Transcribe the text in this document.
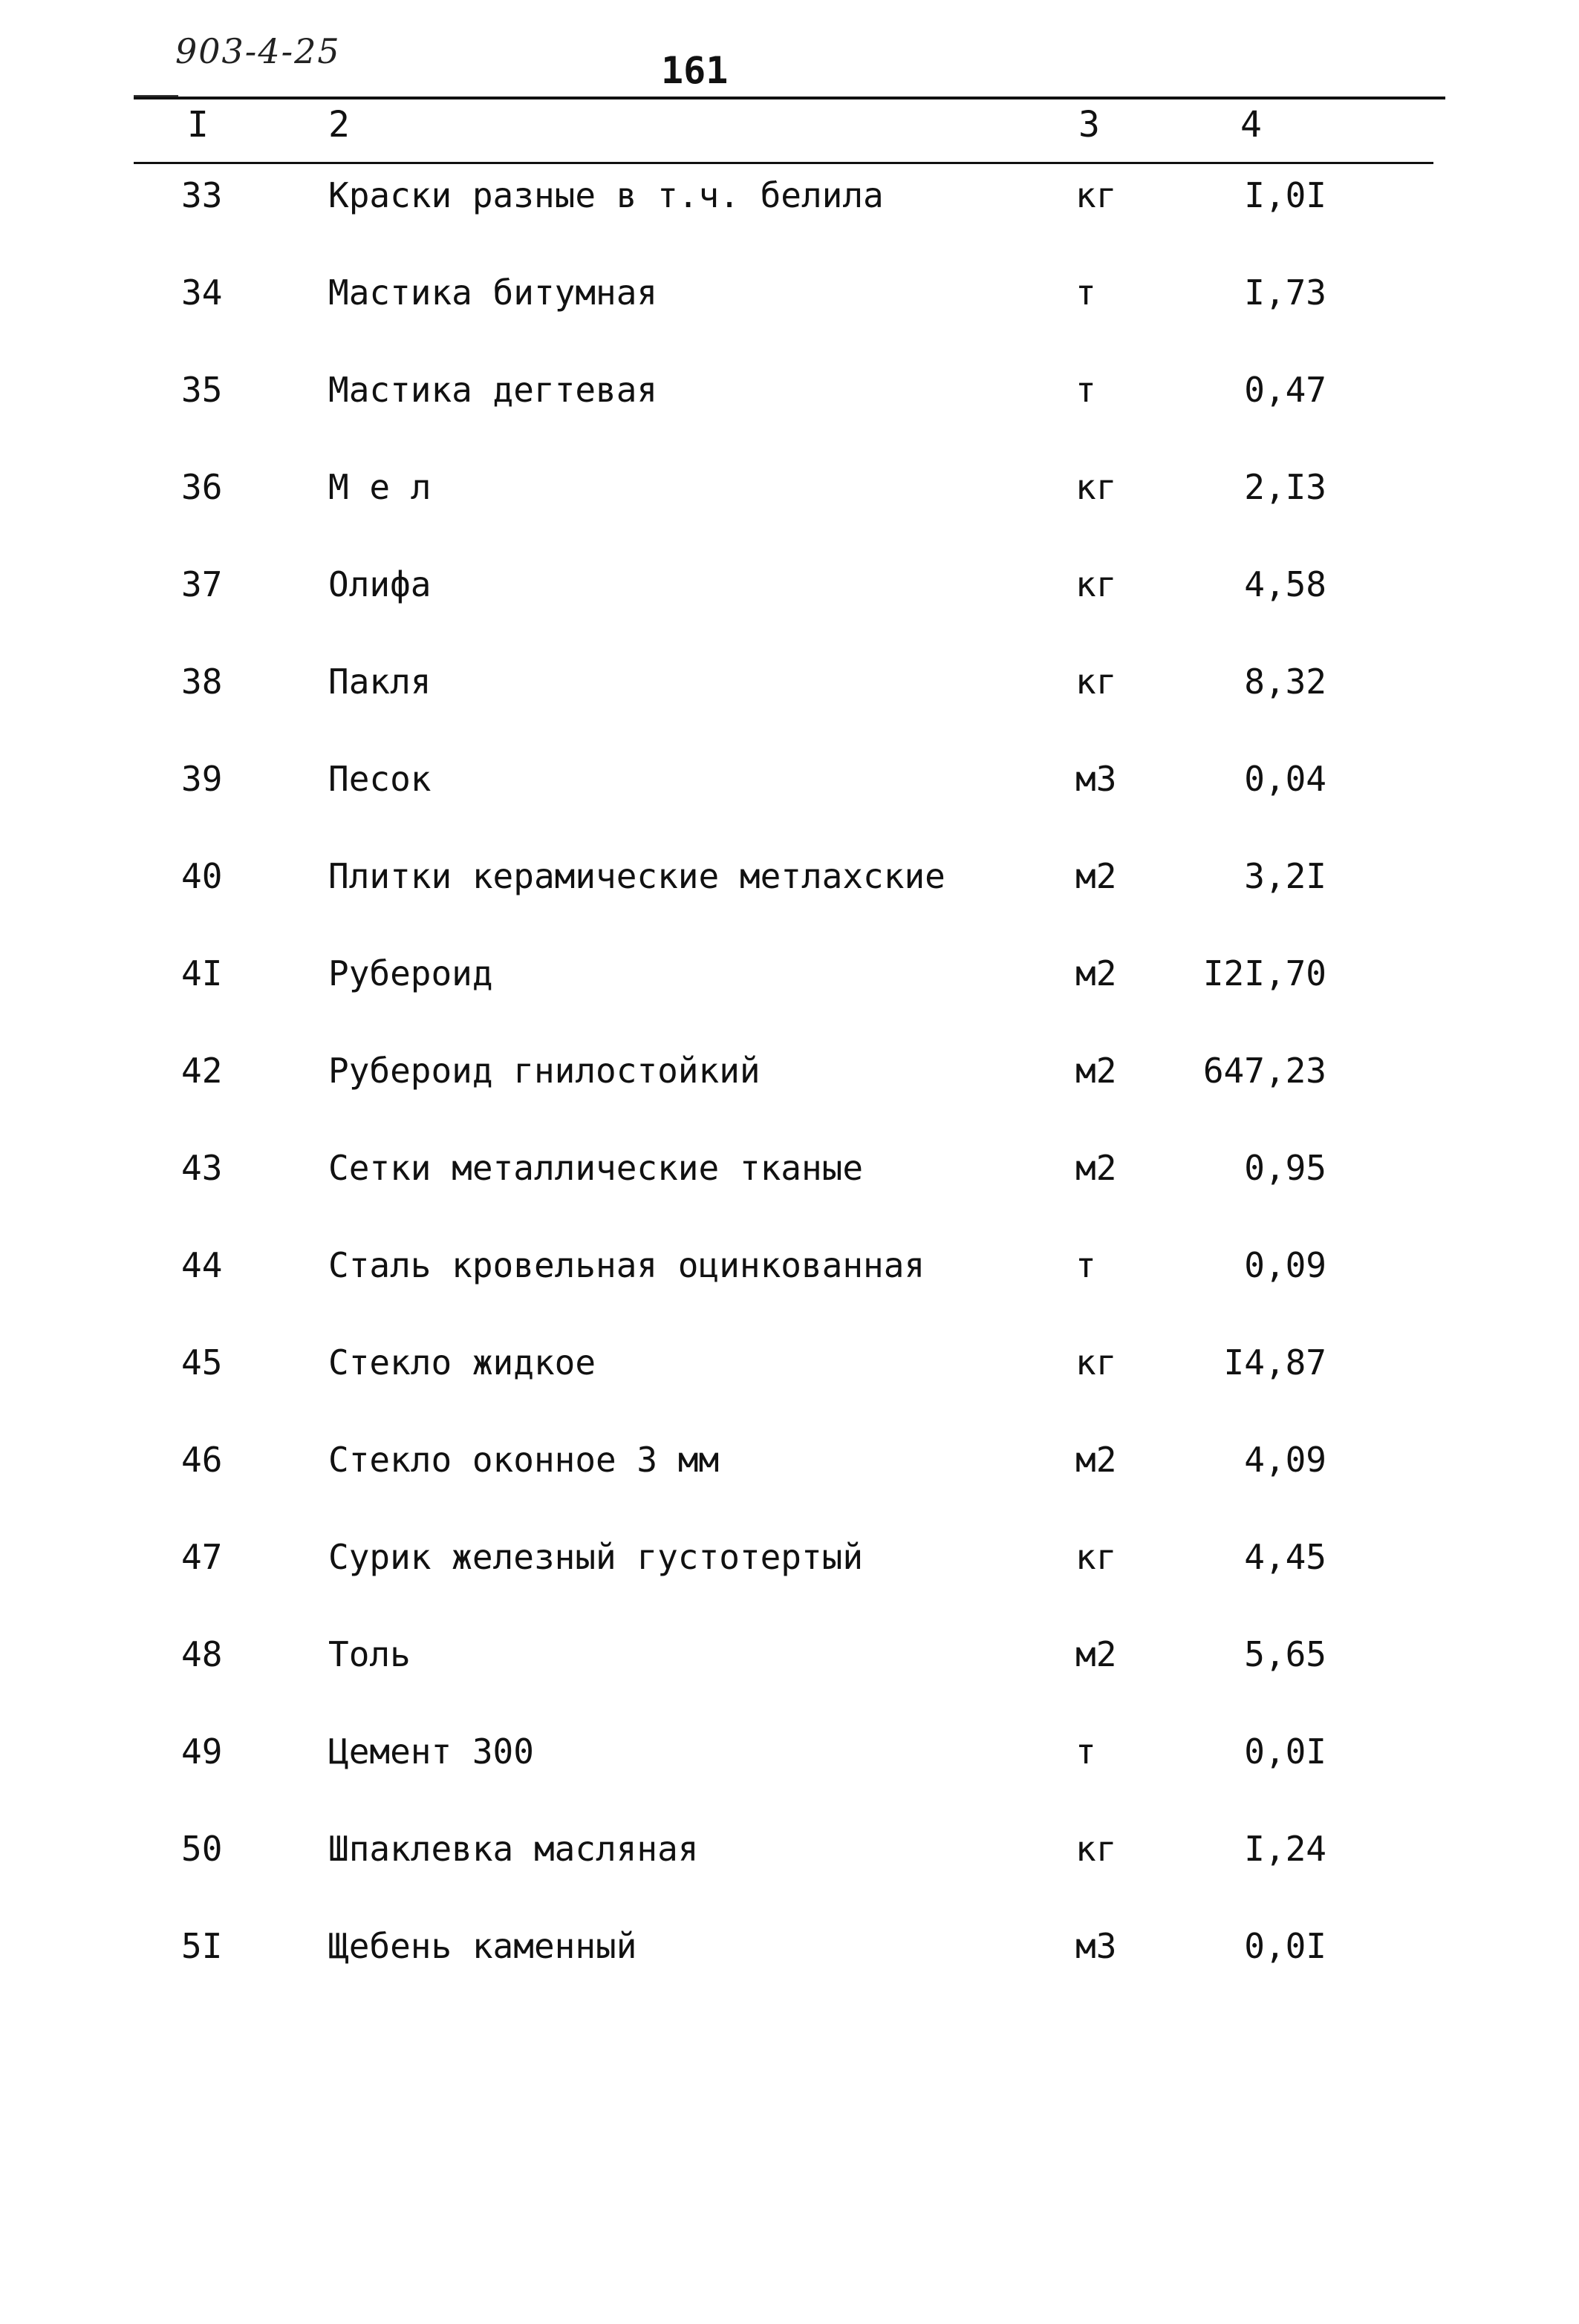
903-4-25	161
I	2	3	4
33	Краски разные в т.ч. белила	кг	I,0I
34	Мастика битумная	т	I,73
35	Мастика дегтевая	т	0,47
36	М е л	кг	2,I3
37	Олифа	кг	4,58
38	Пакля	кг	8,32
39	Песок	м3	0,04
40	Плитки керамические метлахские	м2	3,2I
4I	Рубероид	м2	I2I,70
42	Рубероид гнилостойкий	м2	647,23
43	Сетки металлические тканые	м2	0,95
44	Сталь кровельная оцинкованная	т	0,09
45	Стекло жидкое	кг	I4,87
46	Стекло оконное 3 мм	м2	4,09
47	Сурик железный густотертый	кг	4,45
48	Толь	м2	5,65
49	Цемент 300	т	0,0I
50	Шпаклевка масляная	кг	I,24
5I	Щебень каменный	м3	0,0I
